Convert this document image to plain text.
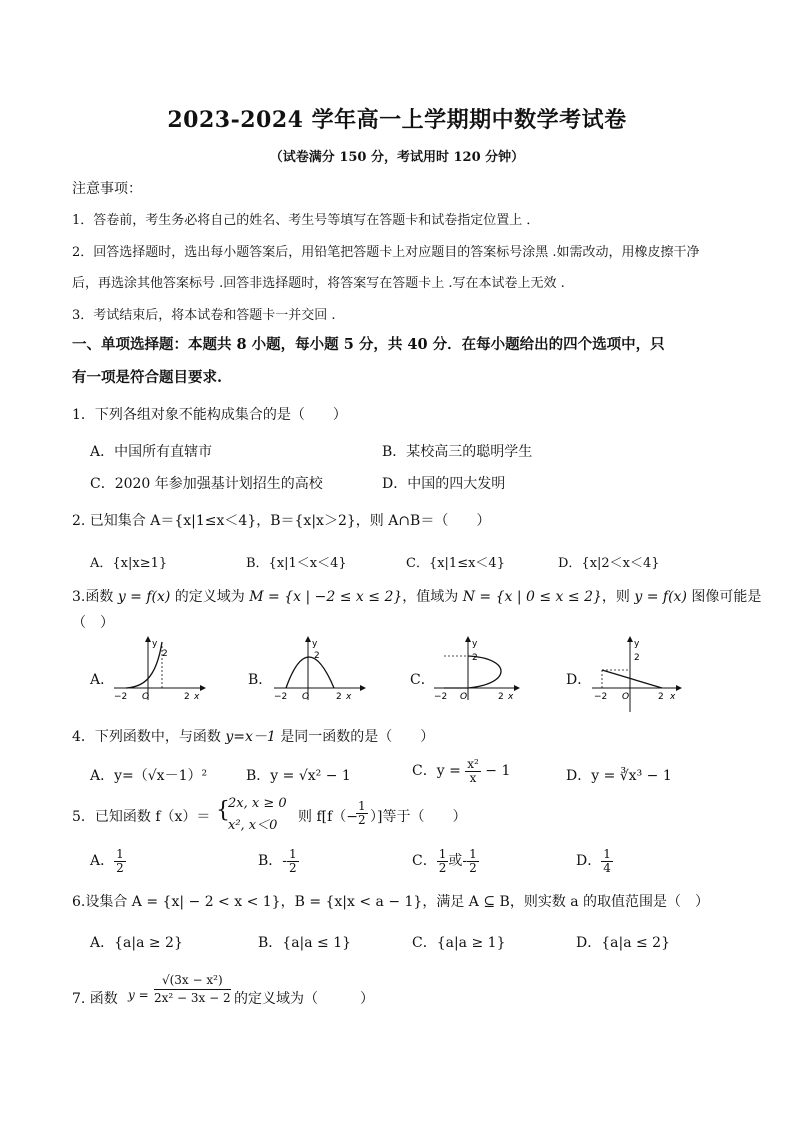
2023-2024 学年高一上学期期中数学考试卷
（试卷满分 150 分，考试用时 120 分钟）
注意事项：
1．答卷前，考生务必将自己的姓名、考生号等填写在答题卡和试卷指定位置上 ．
2．回答选择题时，选出每小题答案后，用铅笔把答题卡上对应题目的答案标号涂黑 .如需改动，用橡皮擦干净
后，再选涂其他答案标号 .回答非选择题时，将答案写在答题卡上 .写在本试卷上无效 .
3．考试结束后，将本试卷和答题卡一并交回 .
一、单项选择题：本题共 8 小题，每小题 5 分，共 40 分．在每小题给出的四个选项中，只
有一项是符合题目要求.
1．下列各组对象不能构成集合的是（　　）
A．中国所有直辖市	B．某校高三的聪明学生
C．2020 年参加强基计划招生的高校	D．中国的四大发明
2. 已知集合 A＝{x|1≤x＜4}，B＝{x|x＞2}，则 A∩B＝（　　）
A．{x|x≥1}	B．{x|1＜x＜4}	C．{x|1≤x＜4}	D．{x|2＜x＜4}
3.函数 y = f(x) 的定义域为 M = {x | −2 ≤ x ≤ 2}，值域为 N = {x | 0 ≤ x ≤ 2}，则 y = f(x) 图像可能是
（　）
A．	B．	C．	D．
y
2
−2 O	2 x
y
2
−2 O	2 x
y
2
−2 O	2 x
y
2
−2 O	2 x
4．下列函数中，与函数 y=x－1 是同一函数的是（　　）
A．y=（√x－1）²	B．y = √x² − 1	C．$y = \frac{\text{x²}}{x} - 1$	D．y = ∛x³ − 1
5．已知函数 f（x）＝ {
2x, x ≥ 0
x², x＜0
则 f[f（−
$\frac{1}{2}$ ）]等于（　　）
A． $\frac{1}{2}$	B．- $\frac{1}{2}$	C． $\frac{1}{2}$ 或- $\frac{1}{2}$	D． $\frac{1}{4}$
6.设集合 A = {x| − 2 < x < 1}，B = {x|x < a − 1}，满足 A ⊆ B，则实数 a 的取值范围是（　）
A．{a|a ≥ 2}	B．{a|a ≤ 1}	C．{a|a ≥ 1}	D．{a|a ≤ 2}
7. 函数 $y = \frac{\text{√(3x − x²)}}{\text{2x² − 3x − 2}}$ 的定义域为（　　　）
